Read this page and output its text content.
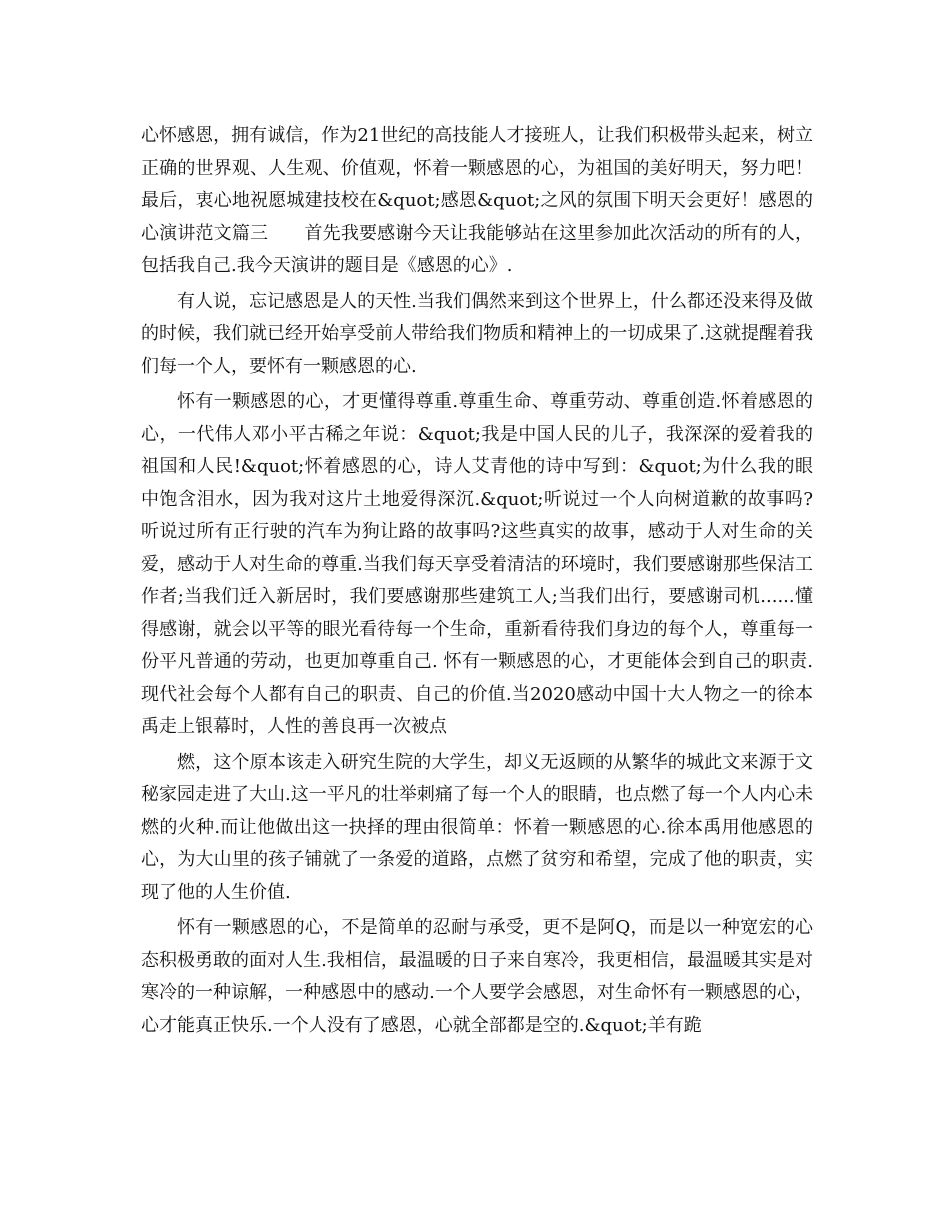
心怀感恩，拥有诚信，作为21世纪的高技能人才接班人，让我们积极带头起来，树立正确的世界观、人生观、价值观，怀着一颗感恩的心，为祖国的美好明天，努力吧！最后，衷心地祝愿城建技校在&quot;感恩&quot;之风的氛围下明天会更好！感恩的心演讲范文篇三　　首先我要感谢今天让我能够站在这里参加此次活动的所有的人，包括我自己.我今天演讲的题目是《感恩的心》.

有人说，忘记感恩是人的天性.当我们偶然来到这个世界上，什么都还没来得及做的时候，我们就已经开始享受前人带给我们物质和精神上的一切成果了.这就提醒着我们每一个人，要怀有一颗感恩的心.

怀有一颗感恩的心，才更懂得尊重.尊重生命、尊重劳动、尊重创造.怀着感恩的心，一代伟人邓小平古稀之年说：&quot;我是中国人民的儿子，我深深的爱着我的祖国和人民!&quot;怀着感恩的心，诗人艾青他的诗中写到：&quot;为什么我的眼中饱含泪水，因为我对这片土地爱得深沉.&quot;听说过一个人向树道歉的故事吗?听说过所有正行驶的汽车为狗让路的故事吗?这些真实的故事，感动于人对生命的关爱，感动于人对生命的尊重.当我们每天享受着清洁的环境时，我们要感谢那些保洁工作者;当我们迁入新居时，我们要感谢那些建筑工人;当我们出行，要感谢司机......懂得感谢，就会以平等的眼光看待每一个生命，重新看待我们身边的每个人，尊重每一份平凡普通的劳动，也更加尊重自己. 怀有一颗感恩的心，才更能体会到自己的职责.现代社会每个人都有自己的职责、自己的价值.当2020感动中国十大人物之一的徐本禹走上银幕时，人性的善良再一次被点

燃，这个原本该走入研究生院的大学生，却义无返顾的从繁华的城此文来源于文秘家园走进了大山.这一平凡的壮举刺痛了每一个人的眼睛，也点燃了每一个人内心未燃的火种.而让他做出这一抉择的理由很简单：怀着一颗感恩的心.徐本禹用他感恩的心，为大山里的孩子铺就了一条爱的道路，点燃了贫穷和希望，完成了他的职责，实现了他的人生价值.

怀有一颗感恩的心，不是简单的忍耐与承受，更不是阿Q，而是以一种宽宏的心态积极勇敢的面对人生.我相信，最温暖的日子来自寒冷，我更相信，最温暖其实是对寒冷的一种谅解，一种感恩中的感动.一个人要学会感恩，对生命怀有一颗感恩的心，心才能真正快乐.一个人没有了感恩，心就全部都是空的.&quot;羊有跪
